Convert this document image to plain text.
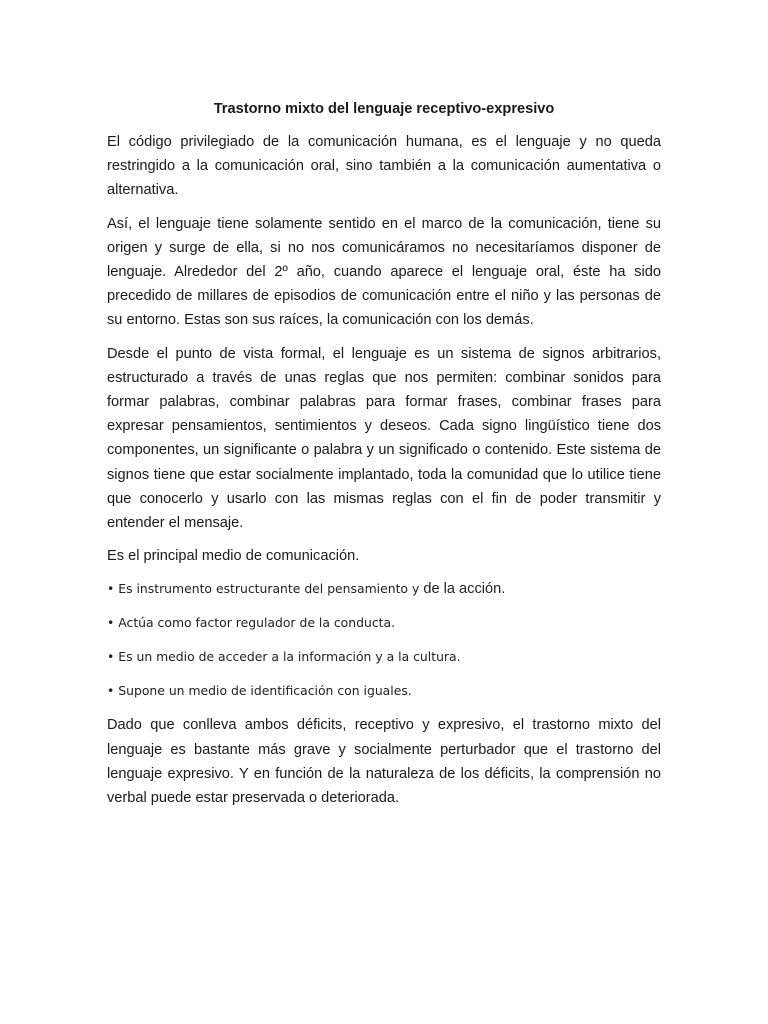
Trastorno mixto del lenguaje receptivo-expresivo

El código privilegiado de la comunicación humana, es el lenguaje y no queda restringido a la comunicación oral, sino también a la comunicación aumentativa o alternativa.

Así, el lenguaje tiene solamente sentido en el marco de la comunicación, tiene su origen y surge de ella, si no nos comunicáramos no necesitaríamos disponer de lenguaje. Alrededor del 2º año, cuando aparece el lenguaje oral, éste ha sido precedido de millares de episodios de comunicación entre el niño y las personas de su entorno. Estas son sus raíces, la comunicación con los demás.

Desde el punto de vista formal, el lenguaje es un sistema de signos arbitrarios, estructurado a través de unas reglas que nos permiten: combinar sonidos para formar palabras, combinar palabras para formar frases, combinar frases para expresar pensamientos, sentimientos y deseos. Cada signo lingüístico tiene dos componentes, un significante o palabra y un significado o contenido. Este sistema de signos tiene que estar socialmente implantado, toda la comunidad que lo utilice tiene que conocerlo y usarlo con las mismas reglas con el fin de poder transmitir y entender el mensaje.

Es el principal medio de comunicación.

• Es instrumento estructurante del pensamiento y de la acción.
• Actúa como factor regulador de la conducta.
• Es un medio de acceder a la información y a la cultura.
• Supone un medio de identificación con iguales.

Dado que conlleva ambos déficits, receptivo y expresivo, el trastorno mixto del lenguaje es bastante más grave y socialmente perturbador que el trastorno del lenguaje expresivo. Y en función de la naturaleza de los déficits, la comprensión no verbal puede estar preservada o deteriorada.
